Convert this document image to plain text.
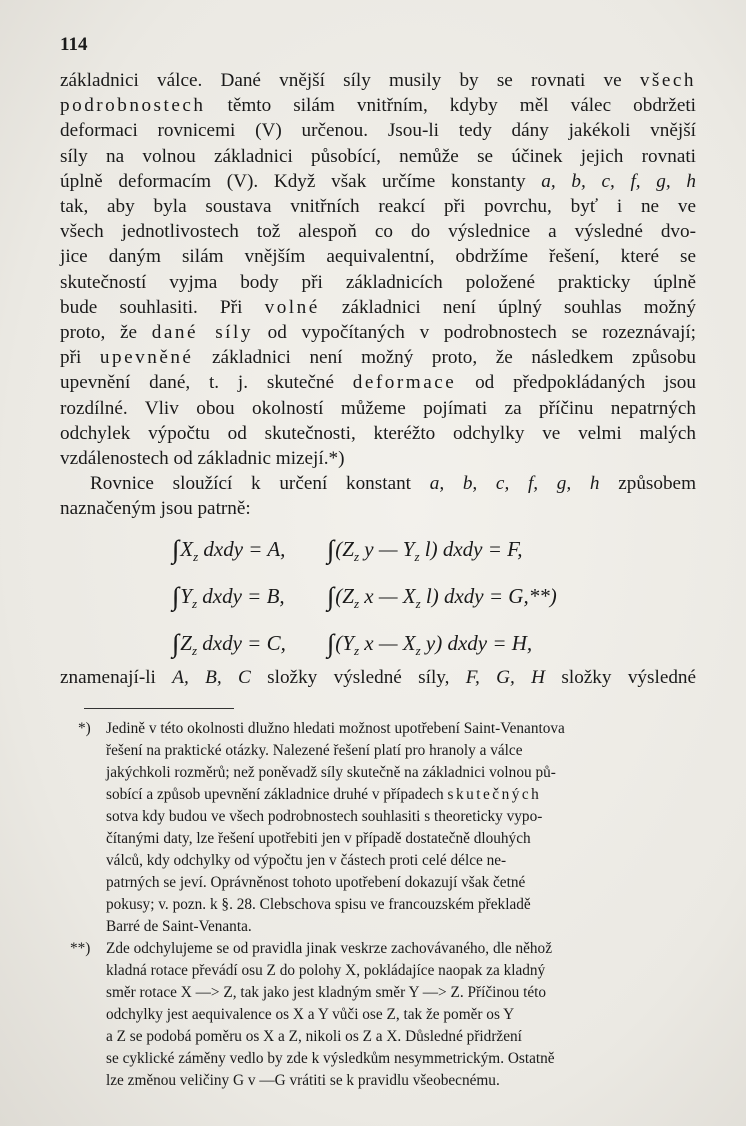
114

základnici válce. Dané vnější síly musily by se rovnati ve všech

podrobnostech těmto silám vnitřním, kdyby měl válec obdržeti

deformaci rovnicemi (V) určenou. Jsou-li tedy dány jakékoli vnější

síly na volnou základnici působící, nemůže se účinek jejich rovnati

úplně deformacím (V). Když však určíme konstanty a, b, c, f, g, h

tak, aby byla soustava vnitřních reakcí při povrchu, byť i ne ve

všech jednotlivostech tož alespoň co do výslednice a výsledné dvo-

jice daným silám vnějším aequivalentní, obdržíme řešení, které se

skutečností vyjma body při základnicích položené prakticky úplně

bude souhlasiti. Při volné základnici není úplný souhlas možný

proto, že dané síly od vypočítaných v podrobnostech se rozeznávají;

při upevněné základnici není možný proto, že následkem způsobu

upevnění dané, t. j. skutečné deformace od předpokládaných jsou

rozdílné. Vliv obou okolností můžeme pojímati za příčinu nepatrných

odchylek výpočtu od skutečnosti, kteréžto odchylky ve velmi malých

vzdálenostech od základnic mizejí.*)

Rovnice sloužící k určení konstant a, b, c, f, g, h způsobem

naznačeným jsou patrně:

∫∫ $X_z$ dxdy = A, ∫∫ ($Z_z$ y — $Y_z$ l) dxdy = F,
∫∫ $Y_z$ dxdy = B, ∫∫ ($Z_z$ x — $X_z$ l) dxdy = G,**)
∫∫ $Z_z$ dxdy = C, ∫∫ ($Y_z$ x — $X_z$ y) dxdy = H,
znamenají-li A, B, C složky výsledné síly, F, G, H složky výsledné
*) Jedině v této okolnosti dlužno hledati možnost upotřebení Saint-Venantova

řešení na praktické otázky. Nalezené řešení platí pro hranoly a válce

jakýchkoli rozměrů; než poněvadž síly skutečně na základnici volnou pů-

sobící a způsob upevnění základnice druhé v případech skutečných

sotva kdy budou ve všech podrobnostech souhlasiti s theoreticky vypo-

čítanými daty, lze řešení upotřebiti jen v případě dostatečně dlouhých

válců, kdy odchylky od výpočtu jen v částech proti celé délce ne-

patrných se jeví. Oprávněnost tohoto upotřebení dokazují však četné

pokusy; v. pozn. k §. 28. Clebschova spisu ve francouzském překladě

Barré de Saint-Venanta.

**) Zde odchylujeme se od pravidla jinak veskrze zachovávaného, dle něhož

kladná rotace převádí osu Z do polohy X, pokládajíce naopak za kladný

směr rotace X —> Z, tak jako jest kladným směr Y —> Z. Příčinou této

odchylky jest aequivalence os X a Y vůči ose Z, tak že poměr os Y

a Z se podobá poměru os X a Z, nikoli os Z a X. Důsledné přidržení

se cyklické záměny vedlo by zde k výsledkům nesymmetrickým. Ostatně

lze změnou veličiny G v —G vrátiti se k pravidlu všeobecnému.
